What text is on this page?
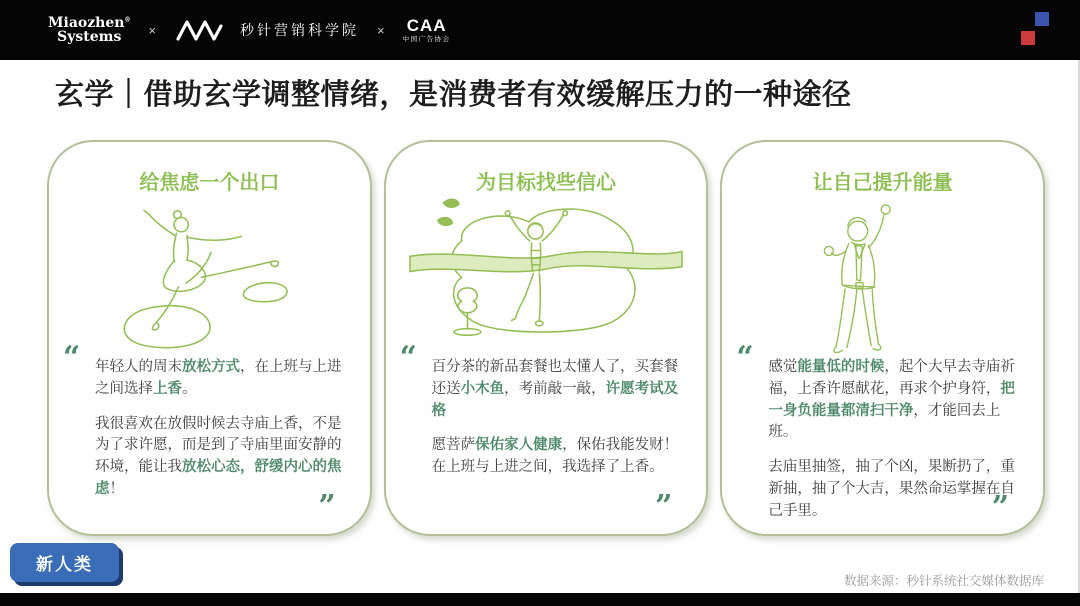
Miaozhen®
Systems	×	秒针营销科学院 × CAA
中国广告协会
玄学｜借助玄学调整情绪，是消费者有效缓解压力的一种途径
给焦虑一个出口
“ 年轻人的周末放松方式，在上班与上进之间选择上香。

我很喜欢在放假时候去寺庙上香，不是为了求许愿，而是到了寺庙里面安静的环境，能让我放松心态，舒缓内心的焦虑！

”
为目标找些信心
“ 百分茶的新品套餐也太懂人了，买套餐还送小木鱼，考前敲一敲，许愿考试及格

愿菩萨保佑家人健康，保佑我能发财！在上班与上进之间，我选择了上香。

”
让自己提升能量
“ 感觉能量低的时候，起个大早去寺庙祈福，上香许愿献花，再求个护身符，把一身负能量都清扫干净，才能回去上班。

去庙里抽签，抽了个凶，果断扔了，重新抽，抽了个大吉，果然命运掌握在自己手里。	”
新人类
数据来源：秒针系统社交媒体数据库
